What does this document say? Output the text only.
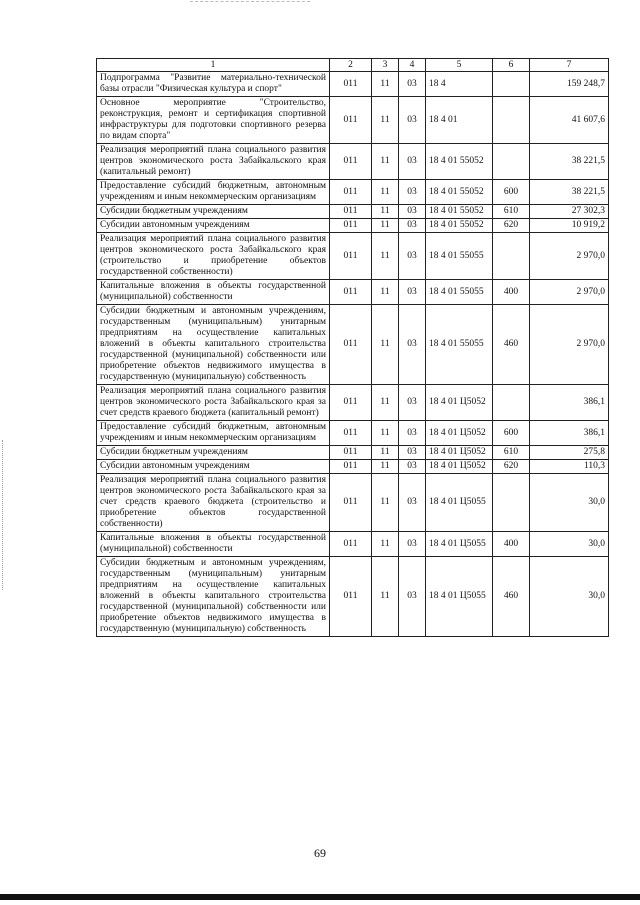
1	2	3	4	5	6	7
Подпрограмма "Развитие материально-технической базы отрасли "Физическая культура и спорт"	011	11	03	18 4		159 248,7
Основное мероприятие "Строительство, реконструкция, ремонт и сертификация спортивной инфраструктуры для подготовки спортивного резерва по видам спорта"	011	11	03	18 4 01		41 607,6
Реализация мероприятий плана социального развития центров экономического роста Забайкальского края (капитальный ремонт)	011	11	03	18 4 01 55052		38 221,5
Предоставление субсидий бюджетным, автономным учреждениям и иным некоммерческим организациям	011	11	03	18 4 01 55052	600	38 221,5
Субсидии бюджетным учреждениям	011	11	03	18 4 01 55052	610	27 302,3
Субсидии автономным учреждениям	011	11	03	18 4 01 55052	620	10 919,2
Реализация мероприятий плана социального развития центров экономического роста Забайкальского края (строительство и приобретение объектов государственной собственности)	011	11	03	18 4 01 55055		2 970,0
Капитальные вложения в объекты государственной (муниципальной) собственности	011	11	03	18 4 01 55055	400	2 970,0
Субсидии бюджетным и автономным учреждениям, государственным (муниципальным) унитарным предприятиям на осуществление капитальных вложений в объекты капитального строительства государственной (муниципальной) собственности или приобретение объектов недвижимого имущества в государственную (муниципальную) собственность	011	11	03	18 4 01 55055	460	2 970,0
Реализация мероприятий плана социального развития центров экономического роста Забайкальского края за счет средств краевого бюджета (капитальный ремонт)	011	11	03	18 4 01 Ц5052		386,1
Предоставление субсидий бюджетным, автономным учреждениям и иным некоммерческим организациям	011	11	03	18 4 01 Ц5052	600	386,1
Субсидии бюджетным учреждениям	011	11	03	18 4 01 Ц5052	610	275,8
Субсидии автономным учреждениям	011	11	03	18 4 01 Ц5052	620	110,3
Реализация мероприятий плана социального развития центров экономического роста Забайкальского края за счет средств краевого бюджета (строительство и приобретение объектов государственной собственности)	011	11	03	18 4 01 Ц5055		30,0
Капитальные вложения в объекты государственной (муниципальной) собственности	011	11	03	18 4 01 Ц5055	400	30,0
Субсидии бюджетным и автономным учреждениям, государственным (муниципальным) унитарным предприятиям на осуществление капитальных вложений в объекты капитального строительства государственной (муниципальной) собственности или приобретение объектов недвижимого имущества в государственную (муниципальную) собственность	011	11	03	18 4 01 Ц5055	460	30,0
69
